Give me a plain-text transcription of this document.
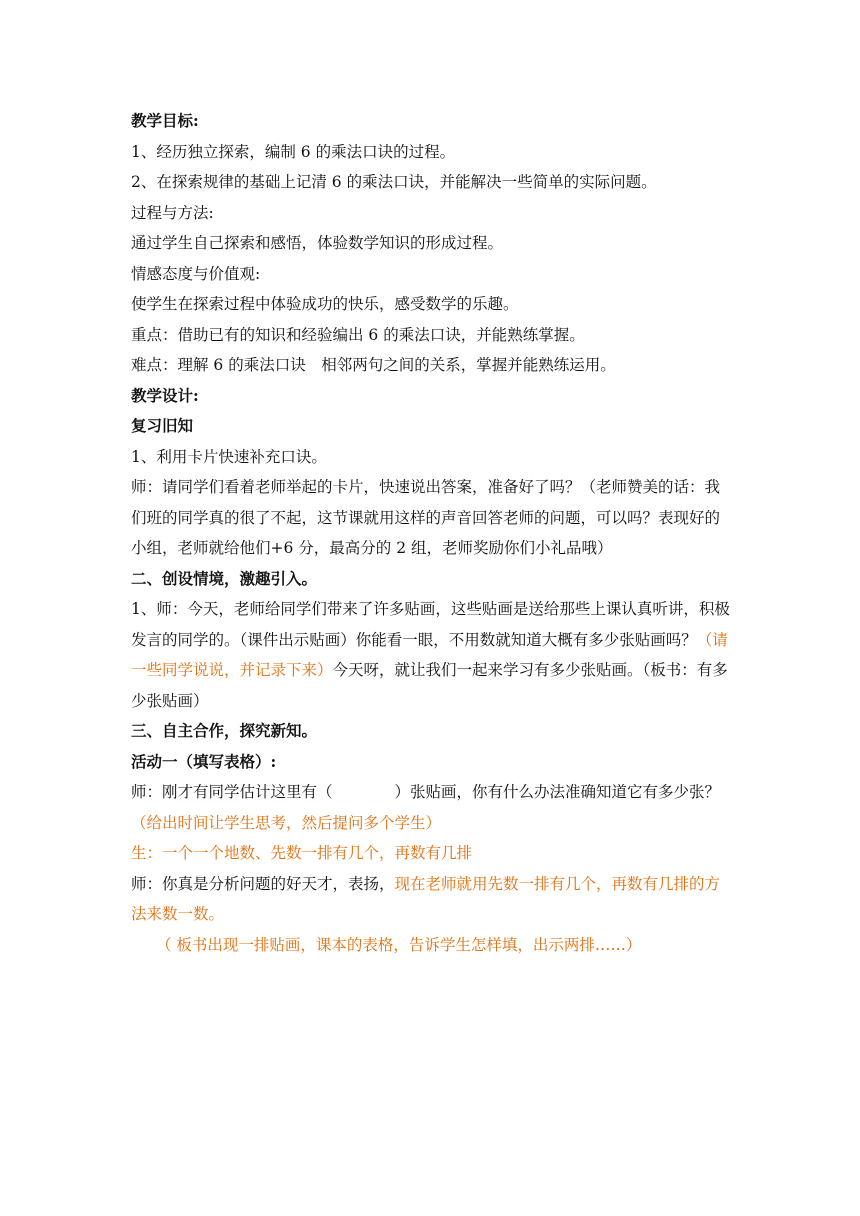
教学目标:

1、经历独立探索，编制 6 的乘法口诀的过程。

2、在探索规律的基础上记清 6 的乘法口诀，并能解决一些简单的实际问题。

过程与方法:

通过学生自己探索和感悟，体验数学知识的形成过程。

情感态度与价值观:

使学生在探索过程中体验成功的快乐，感受数学的乐趣。

重点：借助已有的知识和经验编出 6 的乘法口诀，并能熟练掌握。

难点：理解 6 的乘法口诀　相邻两句之间的关系，掌握并能熟练运用。

教学设计:

复习旧知

1、利用卡片快速补充口诀。

师：请同学们看着老师举起的卡片，快速说出答案，准备好了吗？（老师赞美的话：我们班的同学真的很了不起，这节课就用这样的声音回答老师的问题，可以吗？表现好的小组，老师就给他们+6 分，最高分的 2 组，老师奖励你们小礼品哦）

二、创设情境，激趣引入。

1、师：今天，老师给同学们带来了许多贴画，这些贴画是送给那些上课认真听讲，积极发言的同学的。（课件出示贴画）你能看一眼，不用数就知道大概有多少张贴画吗？（请一些同学说说，并记录下来）今天呀，就让我们一起来学习有多少张贴画。（板书：有多少张贴画）

三、自主合作，探究新知。

活动一（填写表格）:

师：刚才有同学估计这里有（　　　　）张贴画，你有什么办法准确知道它有多少张？（给出时间让学生思考，然后提问多个学生）

生：一个一个地数、先数一排有几个，再数有几排

师：你真是分析问题的好天才，表扬，现在老师就用先数一排有几个，再数有几排的方法来数一数。

（ 板书出现一排贴画，课本的表格，告诉学生怎样填，出示两排……）
